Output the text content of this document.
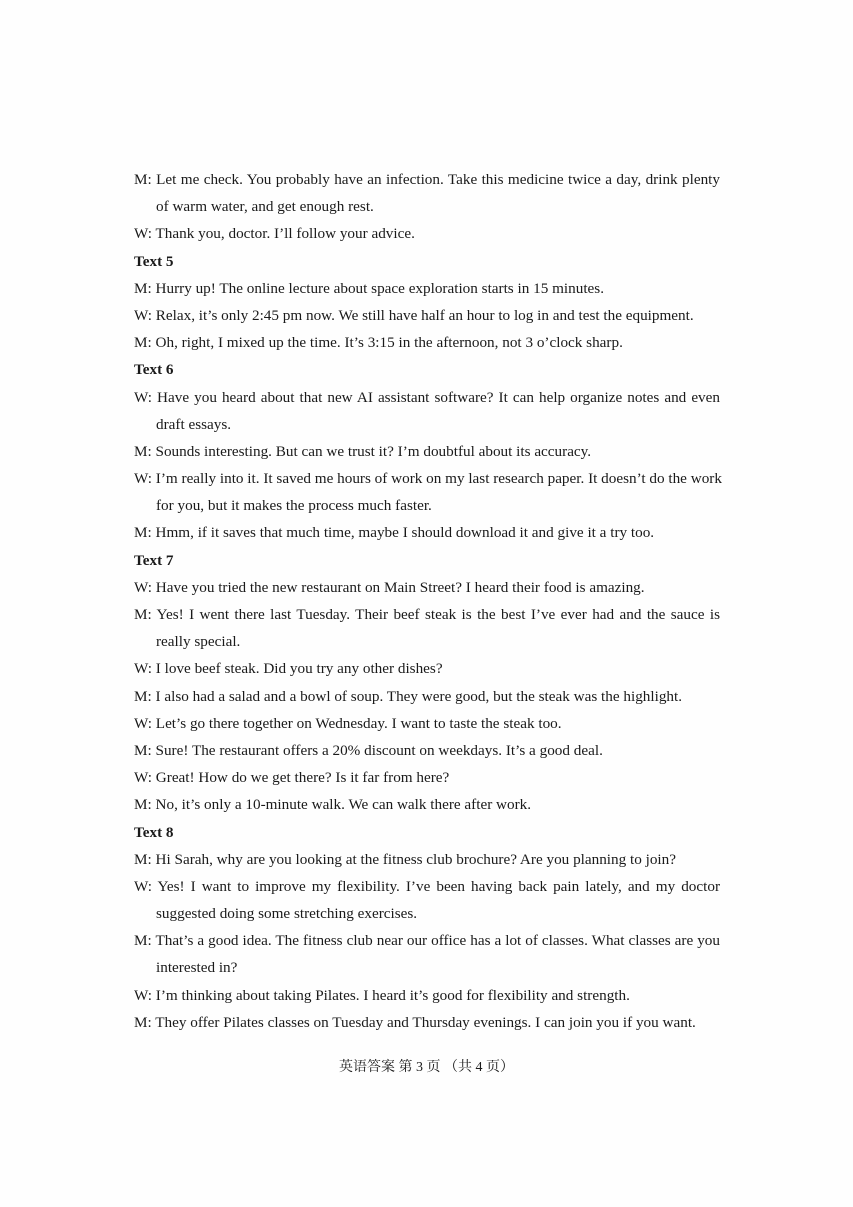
M: Let me check. You probably have an infection. Take this medicine twice a day, drink plenty

of warm water, and get enough rest.

W: Thank you, doctor. I’ll follow your advice.

Text 5

M: Hurry up! The online lecture about space exploration starts in 15 minutes.

W: Relax, it’s only 2:45 pm now. We still have half an hour to log in and test the equipment.

M: Oh, right, I mixed up the time. It’s 3:15 in the afternoon, not 3 o’clock sharp.

Text 6

W: Have you heard about that new AI assistant software? It can help organize notes and even

draft essays.

M: Sounds interesting. But can we trust it? I’m doubtful about its accuracy.

W: I’m really into it. It saved me hours of work on my last research paper. It doesn’t do the work

for you, but it makes the process much faster.

M: Hmm, if it saves that much time, maybe I should download it and give it a try too.

Text 7

W: Have you tried the new restaurant on Main Street? I heard their food is amazing.

M: Yes! I went there last Tuesday. Their beef steak is the best I’ve ever had and the sauce is

really special.

W: I love beef steak. Did you try any other dishes?

M: I also had a salad and a bowl of soup. They were good, but the steak was the highlight.

W: Let’s go there together on Wednesday. I want to taste the steak too.

M: Sure! The restaurant offers a 20% discount on weekdays. It’s a good deal.

W: Great! How do we get there? Is it far from here?

M: No, it’s only a 10-minute walk. We can walk there after work.

Text 8

M: Hi Sarah, why are you looking at the fitness club brochure? Are you planning to join?

W: Yes! I want to improve my flexibility. I’ve been having back pain lately, and my doctor

suggested doing some stretching exercises.

M: That’s a good idea. The fitness club near our office has a lot of classes. What classes are you

interested in?

W: I’m thinking about taking Pilates. I heard it’s good for flexibility and strength.

M: They offer Pilates classes on Tuesday and Thursday evenings. I can join you if you want.

英语答案 第 3 页 （共 4 页）
